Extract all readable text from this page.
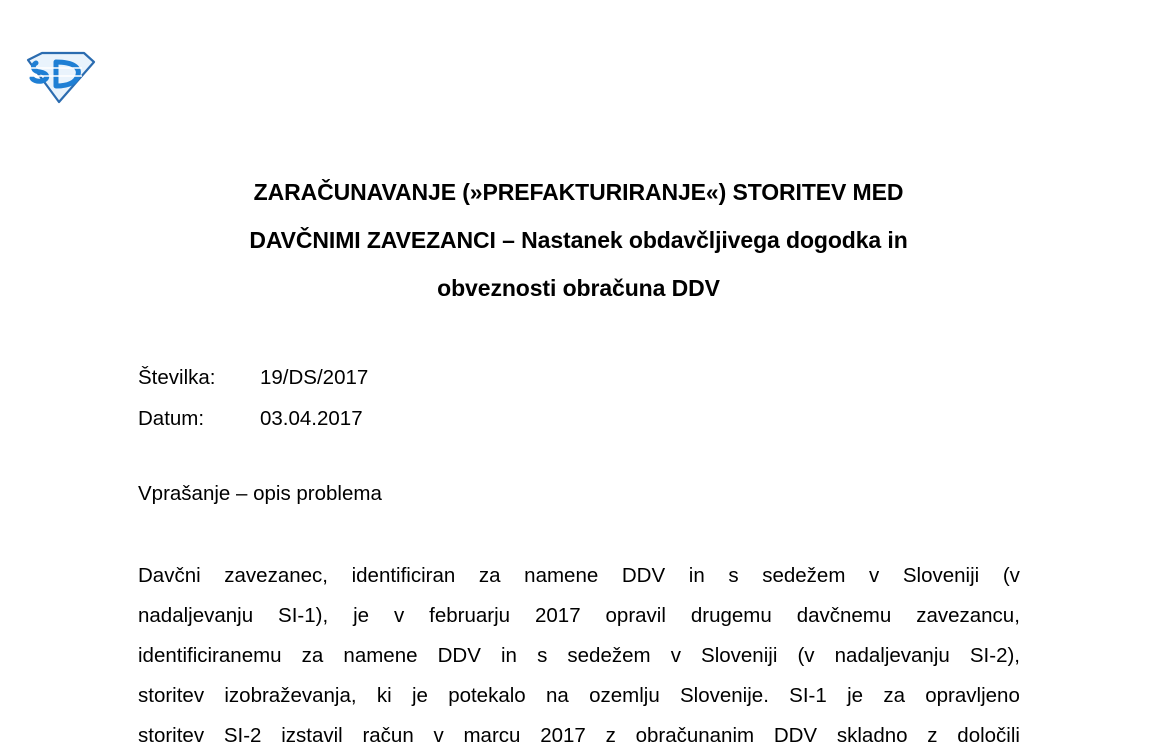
ZARAČUNAVANJE (»PREFAKTURIRANJE«) STORITEV MED
DAVČNIMI ZAVEZANCI – Nastanek obdavčljivega dogodka in
obveznosti obračuna DDV
Številka:	19/DS/2017
Datum:	03.04.2017
Vprašanje – opis problema
Davčni zavezanec, identificiran za namene DDV in s sedežem v Sloveniji (v
nadaljevanju SI-1), je v februarju 2017 opravil drugemu davčnemu zavezancu,
identificiranemu za namene DDV in s sedežem v Sloveniji (v nadaljevanju SI-2),
storitev izobraževanja, ki je potekalo na ozemlju Slovenije. SI-1 je za opravljeno
storitev SI-2 izstavil račun v marcu 2017 z obračunanim DDV skladno z določili
